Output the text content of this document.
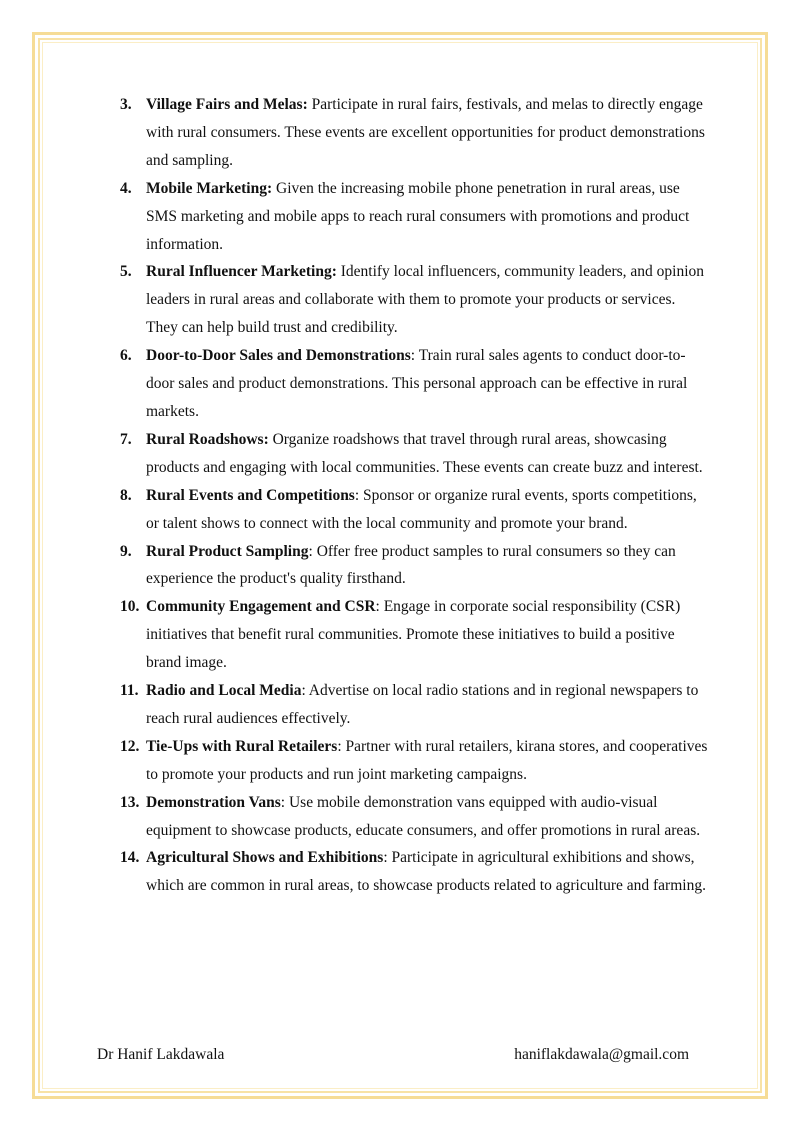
3. Village Fairs and Melas: Participate in rural fairs, festivals, and melas to directly engage with rural consumers. These events are excellent opportunities for product demonstrations and sampling.
4. Mobile Marketing: Given the increasing mobile phone penetration in rural areas, use SMS marketing and mobile apps to reach rural consumers with promotions and product information.
5. Rural Influencer Marketing: Identify local influencers, community leaders, and opinion leaders in rural areas and collaborate with them to promote your products or services. They can help build trust and credibility.
6. Door-to-Door Sales and Demonstrations: Train rural sales agents to conduct door-to-door sales and product demonstrations. This personal approach can be effective in rural markets.
7. Rural Roadshows: Organize roadshows that travel through rural areas, showcasing products and engaging with local communities. These events can create buzz and interest.
8. Rural Events and Competitions: Sponsor or organize rural events, sports competitions, or talent shows to connect with the local community and promote your brand.
9. Rural Product Sampling: Offer free product samples to rural consumers so they can experience the product's quality firsthand.
10. Community Engagement and CSR: Engage in corporate social responsibility (CSR) initiatives that benefit rural communities. Promote these initiatives to build a positive brand image.
11. Radio and Local Media: Advertise on local radio stations and in regional newspapers to reach rural audiences effectively.
12. Tie-Ups with Rural Retailers: Partner with rural retailers, kirana stores, and cooperatives to promote your products and run joint marketing campaigns.
13. Demonstration Vans: Use mobile demonstration vans equipped with audio-visual equipment to showcase products, educate consumers, and offer promotions in rural areas.
14. Agricultural Shows and Exhibitions: Participate in agricultural exhibitions and shows, which are common in rural areas, to showcase products related to agriculture and farming.
Dr Hanif Lakdawala	haniflakdawala@gmail.com
